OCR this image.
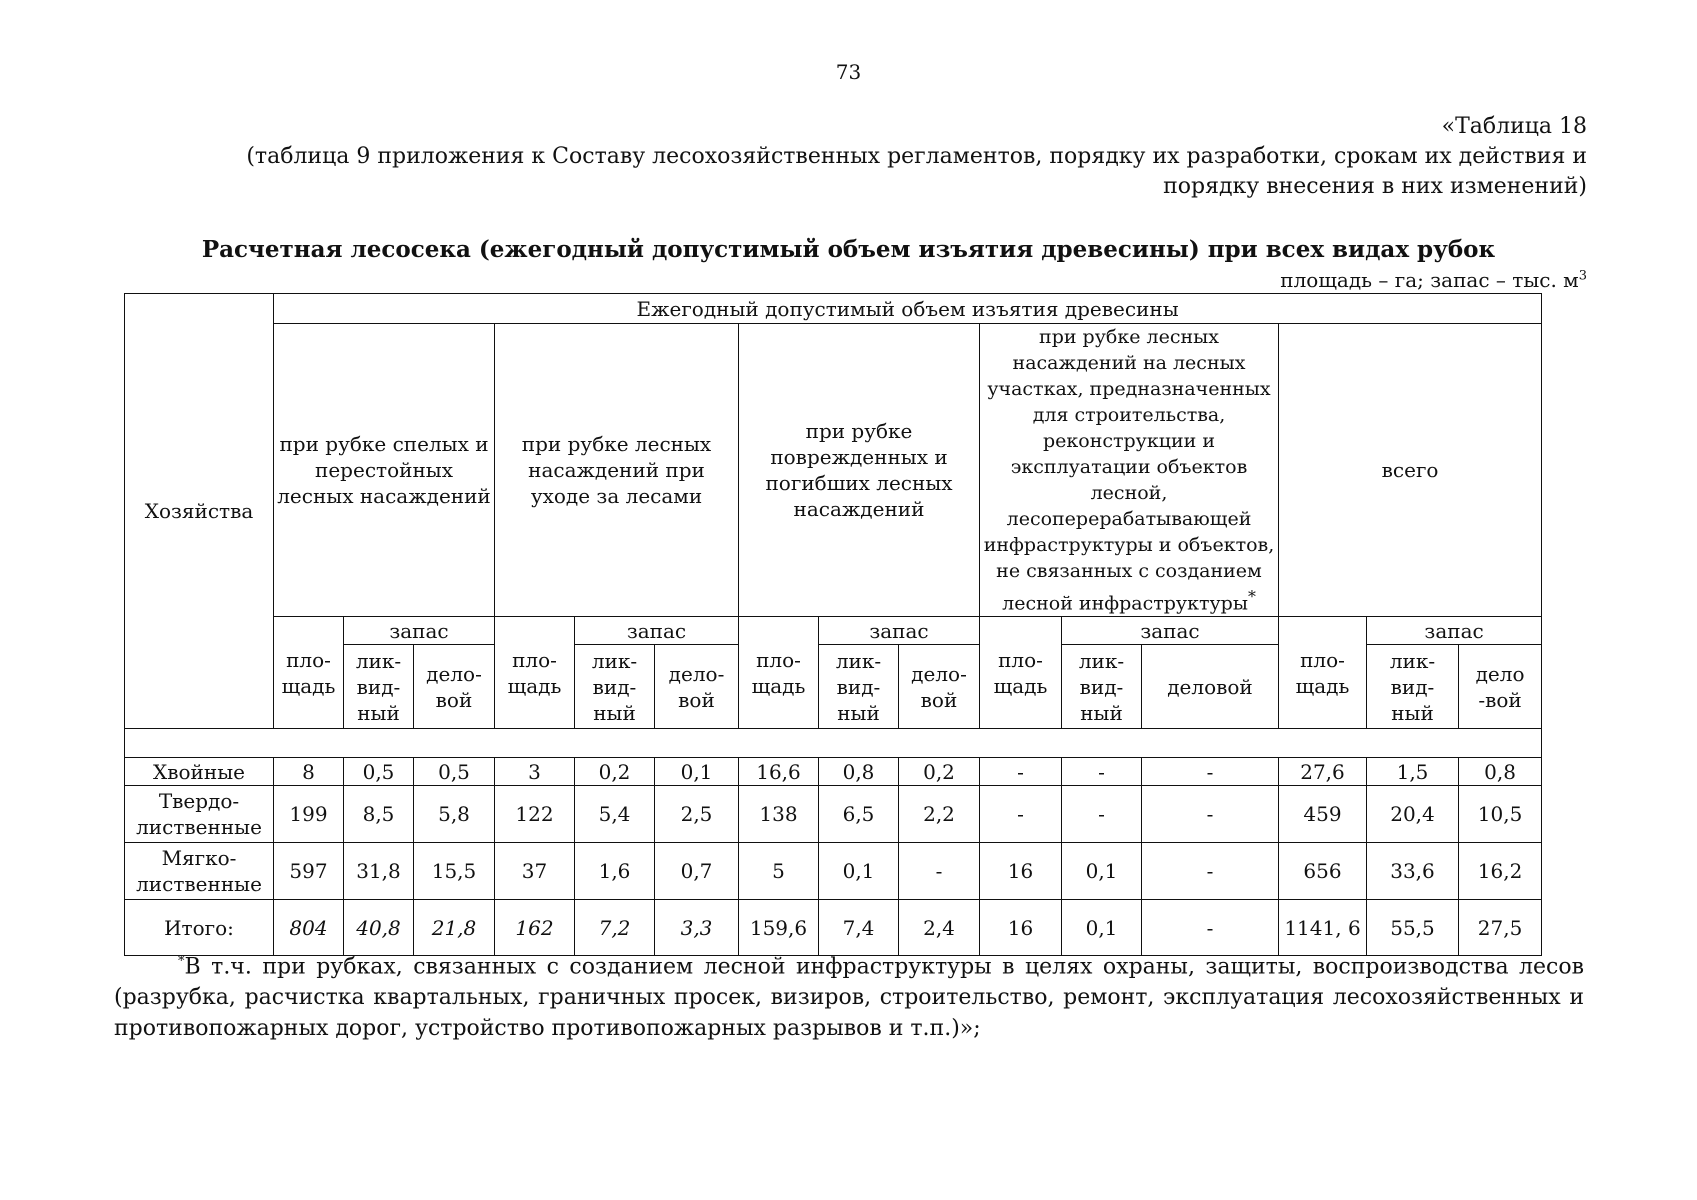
73
«Таблица 18
(таблица 9 приложения к Составу лесохозяйственных регламентов, порядку их разработки, срокам их действия и порядку внесения в них изменений)
Расчетная лесосека (ежегодный допустимый объем изъятия древесины) при всех видах рубок
площадь – га; запас – тыс. $м^3$
Хозяйства	Ежегодный допустимый объем изъятия древесины														
	при рубке спелых и перестойных лесных насаждений			при рубке лесных насаждений при уходе за лесами			при рубке поврежденных и погибших лесных насаждений			при рубке лесных насаждений на лесных участках, предназначенных для строительства, реконструкции и эксплуатации объектов лесной, лесоперерабатывающей инфраструктуры и объектов, не связанных с созданием лесной инфраструктуры*			всего		
	пло- щадь	запас		пло- щадь	запас		пло- щадь	запас		пло- щадь	запас		пло- щадь	запас	
		лик- вид- ный	дело- вой		лик- вид- ный	дело- вой		лик- вид- ный	дело- вой		лик- вид- ный	деловой		лик- вид- ный	дело -вой

Хвойные	8	0,5	0,5	3	0,2	0,1	16,6	0,8	0,2	-	-	-	27,6	1,5	0,8
Твердо- лиственные	199	8,5	5,8	122	5,4	2,5	138	6,5	2,2	-	-	-	459	20,4	10,5
Мягко- лиственные	597	31,8	15,5	37	1,6	0,7	5	0,1	-	16	0,1	-	656	33,6	16,2
Итого:	804	40,8	21,8	162	7,2	3,3	159,6	7,4	2,4	16	0,1	-	1141, 6	55,5	27,5
*В т.ч. при рубках, связанных с созданием лесной инфраструктуры в целях охраны, защиты, воспроизводства лесов (разрубка, расчистка квартальных, граничных просек, визиров, строительство, ремонт, эксплуатация лесохозяйственных и противопожарных дорог, устройство противопожарных разрывов и т.п.)»;
